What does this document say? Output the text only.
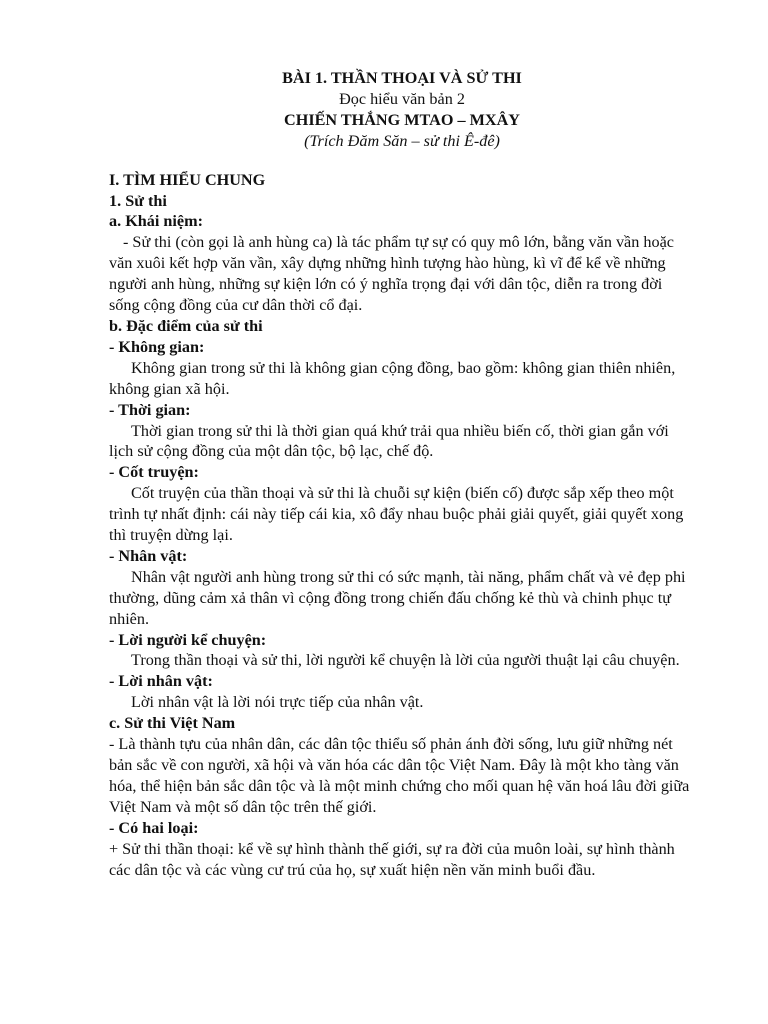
BÀI 1. THẦN THOẠI VÀ SỬ THI

Đọc hiểu văn bản 2

CHIẾN THẮNG MTAO – MXÂY

(Trích Đăm Săn – sử thi Ê-đê)

I. TÌM HIỂU CHUNG

1. Sử thi

a. Khái niệm:

- Sử thi (còn gọi là anh hùng ca) là tác phẩm tự sự có quy mô lớn, bằng văn vần hoặc văn xuôi kết hợp văn vần, xây dựng những hình tượng hào hùng, kì vĩ để kể về những người anh hùng, những sự kiện lớn có ý nghĩa trọng đại với dân tộc, diễn ra trong đời sống cộng đồng của cư dân thời cổ đại.

b. Đặc điểm của sử thi

- Không gian:

Không gian trong sử thi là không gian cộng đồng, bao gồm: không gian thiên nhiên, không gian xã hội.

- Thời gian:

Thời gian trong sử thi là thời gian quá khứ trải qua nhiều biến cố, thời gian gắn với lịch sử cộng đồng của một dân tộc, bộ lạc, chế độ.

- Cốt truyện:

Cốt truyện của thần thoại và sử thi là chuỗi sự kiện (biến cố) được sắp xếp theo một trình tự nhất định: cái này tiếp cái kia, xô đẩy nhau buộc phải giải quyết, giải quyết xong thì truyện dừng lại.

- Nhân vật:

Nhân vật người anh hùng trong sử thi có sức mạnh, tài năng, phẩm chất và vẻ đẹp phi thường, dũng cảm xả thân vì cộng đồng trong chiến đấu chống kẻ thù và chinh phục tự nhiên.

- Lời người kể chuyện:

Trong thần thoại và sử thi, lời người kể chuyện là lời của người thuật lại câu chuyện.

- Lời nhân vật:

Lời nhân vật là lời nói trực tiếp của nhân vật.

c. Sử thi Việt Nam

- Là thành tựu của nhân dân, các dân tộc thiểu số phản ánh đời sống, lưu giữ những nét bản sắc về con người, xã hội và văn hóa các dân tộc Việt Nam. Đây là một kho tàng văn hóa, thể hiện bản sắc dân tộc và là một minh chứng cho mối quan hệ văn hoá lâu đời giữa Việt Nam và một số dân tộc trên thế giới.

- Có hai loại:

+ Sử thi thần thoại: kể về sự hình thành thế giới, sự ra đời của muôn loài, sự hình thành các dân tộc và các vùng cư trú của họ, sự xuất hiện nền văn minh buổi đầu.
